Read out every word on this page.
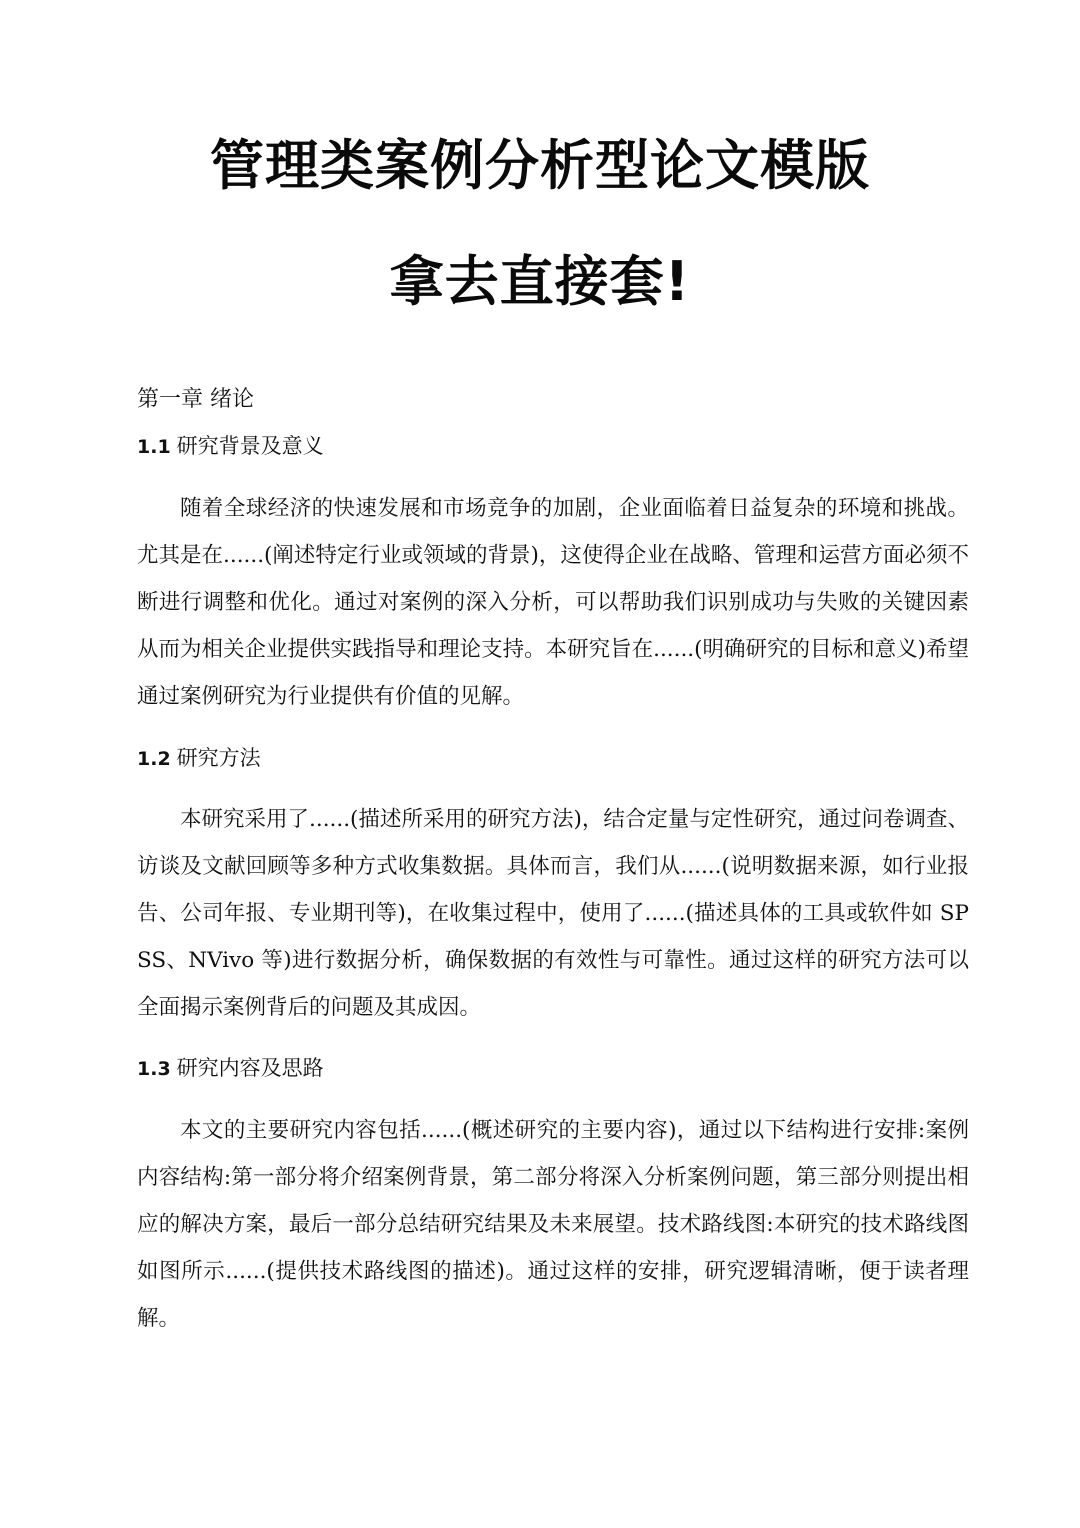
管理类案例分析型论文模版
拿去直接套!
第一章 绪论
1.1 研究背景及意义

随着全球经济的快速发展和市场竞争的加剧，企业面临着日益复杂的环境和挑战。尤其是在......(阐述特定行业或领域的背景)，这使得企业在战略、管理和运营方面必须不断进行调整和优化。通过对案例的深入分析，可以帮助我们识别成功与失败的关键因素从而为相关企业提供实践指导和理论支持。本研究旨在......(明确研究的目标和意义)希望通过案例研究为行业提供有价值的见解。

1.2 研究方法

本研究采用了......(描述所采用的研究方法)，结合定量与定性研究，通过问卷调查、访谈及文献回顾等多种方式收集数据。具体而言，我们从......(说明数据来源，如行业报告、公司年报、专业期刊等)，在收集过程中，使用了......(描述具体的工具或软件如 SPSS、NVivo 等)进行数据分析，确保数据的有效性与可靠性。通过这样的研究方法可以全面揭示案例背后的问题及其成因。

1.3 研究内容及思路

本文的主要研究内容包括......(概述研究的主要内容)，通过以下结构进行安排:案例内容结构:第一部分将介绍案例背景，第二部分将深入分析案例问题，第三部分则提出相应的解决方案，最后一部分总结研究结果及未来展望。技术路线图:本研究的技术路线图如图所示......(提供技术路线图的描述)。通过这样的安排，研究逻辑清晰，便于读者理解。
